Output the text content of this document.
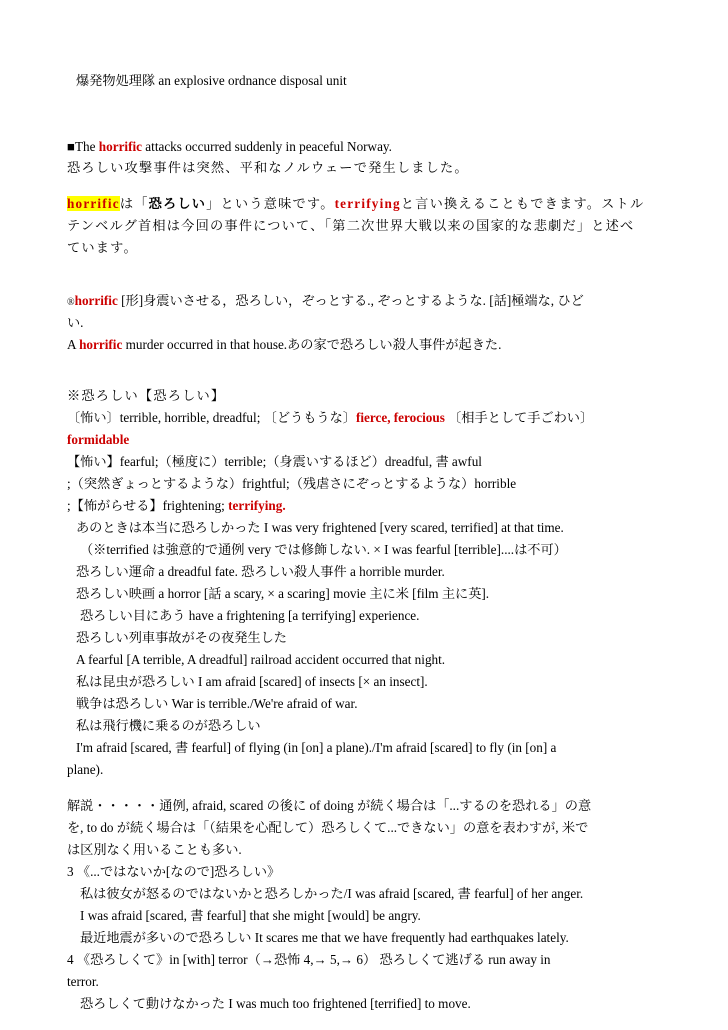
爆発物処理隊 an explosive ordnance disposal unit
■The horrific attacks occurred suddenly in peaceful Norway.
恐ろしい攻撃事件は突然、平和なノルウェーで発生しました。
horrificは「恐ろしい」という意味です。terrifyingと言い換えることもできます。ストル
テンベルグ首相は今回の事件について、「第二次世界大戦以来の国家的な悲劇だ」と述べ
ています。
®horrific [形]身震いさせる，恐ろしい，ぞっとする., ぞっとするような. [話]極端な, ひど
い.
A horrific murder occurred in that house.あの家で恐ろしい殺人事件が起きた.
※恐ろしい【恐ろしい】
〔怖い〕terrible, horrible, dreadful; 〔どうもうな〕fierce, ferocious 〔相手として手ごわい〕
formidable
【怖い】fearful;（極度に）terrible;（身震いするほど）dreadful, 書 awful
;（突然ぎょっとするような）frightful;（残虐さにぞっとするような）horrible
;【怖がらせる】frightening; terrifying.
あのときは本当に恐ろしかった I was very frightened [very scared, terrified] at that time.
（※terrified は強意的で通例 very では修飾しない. × I was fearful [terrible]....は不可）
恐ろしい運命 a dreadful fate. 恐ろしい殺人事件 a horrible murder.
恐ろしい映画 a horror [話 a scary, × a scaring] movie 主に米 [film 主に英].
恐ろしい目にあう have a frightening [a terrifying] experience.
恐ろしい列車事故がその夜発生した
A fearful [A terrible, A dreadful] railroad accident occurred that night.
私は昆虫が恐ろしい I am afraid [scared] of insects [× an insect].
戦争は恐ろしい War is terrible./We're afraid of war.
私は飛行機に乗るのが恐ろしい
I'm afraid [scared, 書 fearful] of flying (in [on] a plane)./I'm afraid [scared] to fly (in [on] a
plane).
解説・・・・・通例, afraid, scared の後に of doing が続く場合は「...するのを恐れる」の意
を, to do が続く場合は「（結果を心配して）恐ろしくて...できない」の意を表わすが, 米で
は区別なく用いることも多い.
3 《...ではないか[なので]恐ろしい》
私は彼女が怒るのではないかと恐ろしかった/I was afraid [scared, 書 fearful] of her anger.
I was afraid [scared, 書 fearful] that she might [would] be angry.
最近地震が多いので恐ろしい It scares me that we have frequently had earthquakes lately.
4 《恐ろしくて》in [with] terror（→恐怖 4,→ 5,→ 6） 恐ろしくて逃げる run away in
terror.
恐ろしくて動けなかった I was much too frightened [terrified] to move.
